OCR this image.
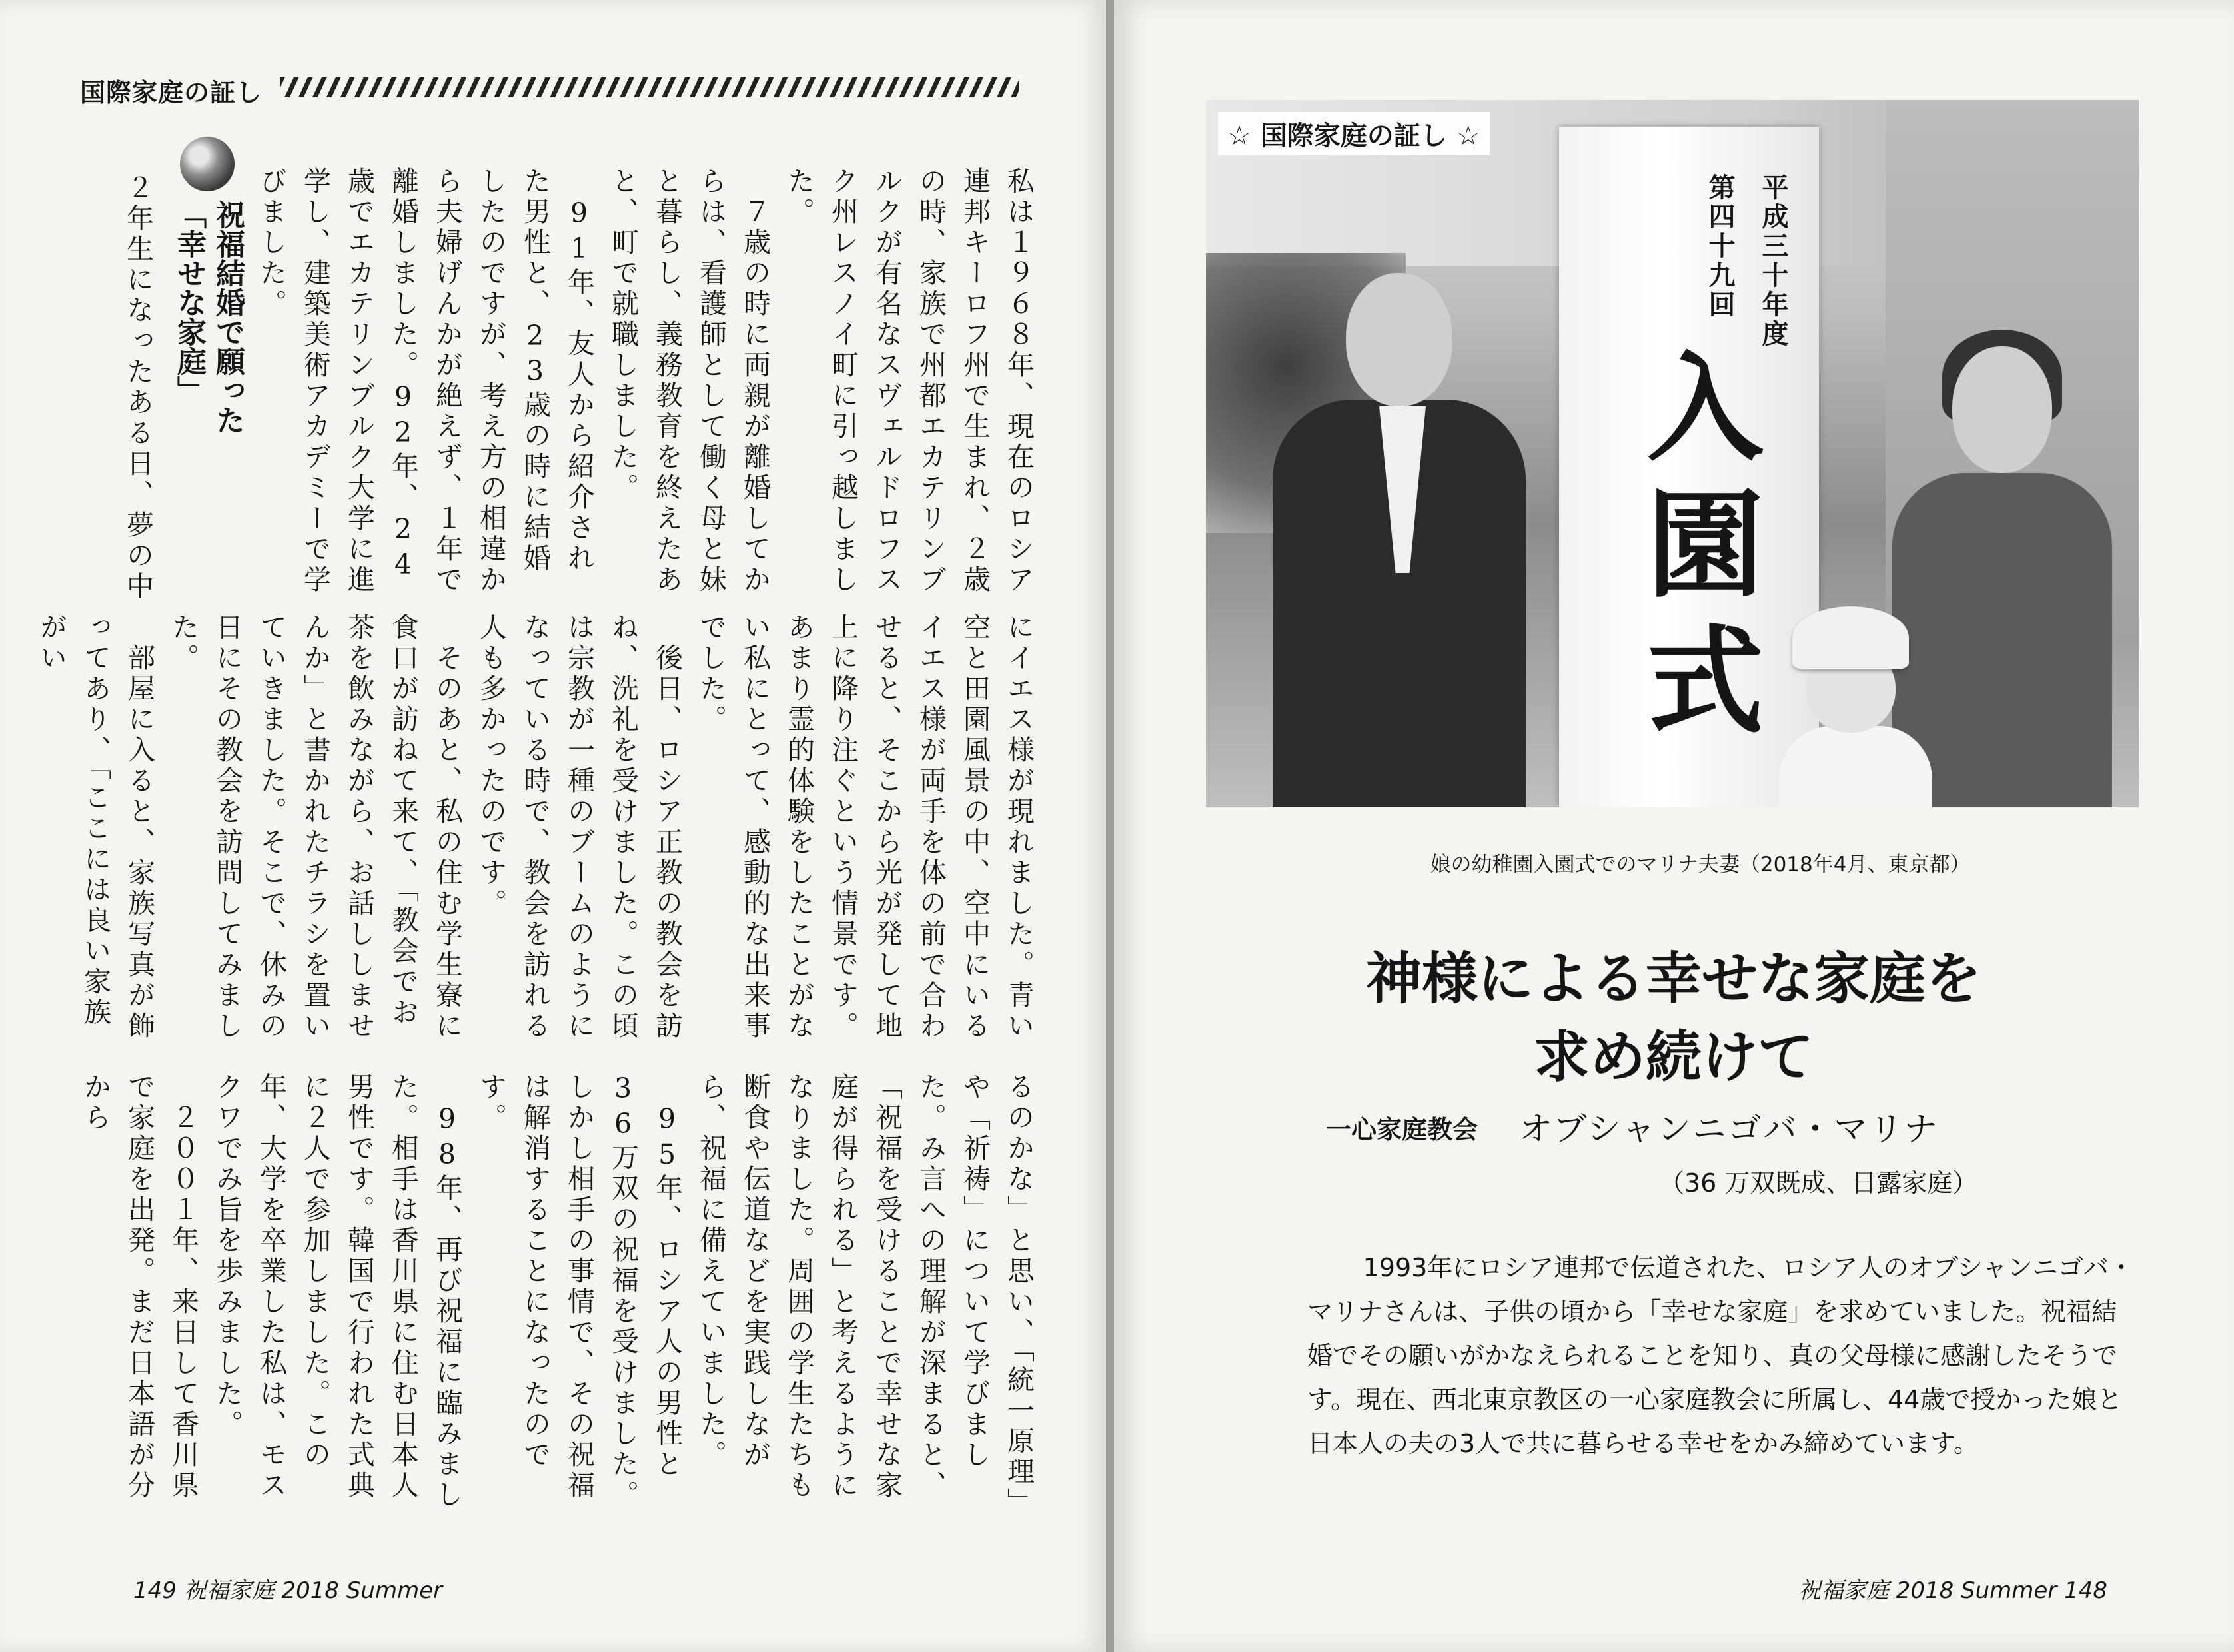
国際家庭の証し

私は１９６８年、現在のロシア連邦キーロフ州で生まれ、２歳の時、家族で州都エカテリンブルクが有名なスヴェルドロフスク州レスノイ町に引っ越しました。
　７歳の時に両親が離婚してからは、看護師として働く母と妹と暮らし、義務教育を終えたあと、町で就職しました。
　91年、友人から紹介された男性と、23歳の時に結婚したのですが、考え方の相違から夫婦げんかが絶えず、１年で離婚しました。92年、24歳でエカテリンブルク大学に進学し、建築美術アカデミーで学びました。

祝福結婚で願った「幸せな家庭」

２年生になったある日、夢の中

にイエス様が現れました。青い空と田園風景の中、空中にいるイエス様が両手を体の前で合わせると、そこから光が発して地上に降り注ぐという情景です。あまり霊的体験をしたことがない私にとって、感動的な出来事でした。
　後日、ロシア正教の教会を訪ね、洗礼を受けました。この頃は宗教が一種のブームのようになっている時で、教会を訪れる人も多かったのです。
　そのあと、私の住む学生寮に食口が訪ねて来て、「教会でお茶を飲みながら、お話ししませんか」と書かれたチラシを置いていきました。そこで、休みの日にその教会を訪問してみました。
　部屋に入ると、家族写真が飾ってあり、「ここには良い家族がい

るのかな」と思い、「統一原理」や「祈祷」について学びました。み言への理解が深まると、「祝福を受けることで幸せな家庭が得られる」と考えるようになりました。周囲の学生たちも断食や伝道などを実践しながら、祝福に備えていました。
　95年、ロシア人の男性と36万双の祝福を受けました。しかし相手の事情で、その祝福は解消することになったのです。
　98年、再び祝福に臨みました。相手は香川県に住む日本人男性です。韓国で行われた式典に２人で参加しました。この年、大学を卒業した私は、モスクワでみ旨を歩みました。
　２００１年、来日して香川県で家庭を出発。まだ日本語が分から

149 祝福家庭 2018 Summer
平成三十年度
第四十九回
入園式
☆ 国際家庭の証し ☆
娘の幼稚園入園式でのマリナ夫妻（2018年4月、東京都）
神様による幸せな家庭を
求め続けて
一心家庭教会 オブシャンニゴバ・マリナ
（36 万双既成、日露家庭）

1993年にロシア連邦で伝道された、ロシア人のオブシャンニゴバ・マリナさんは、子供の頃から「幸せな家庭」を求めていました。祝福結婚でその願いがかなえられることを知り、真の父母様に感謝したそうです。現在、西北東京教区の一心家庭教会に所属し、44歳で授かった娘と日本人の夫の3人で共に暮らせる幸せをかみ締めています。

祝福家庭 2018 Summer 148
